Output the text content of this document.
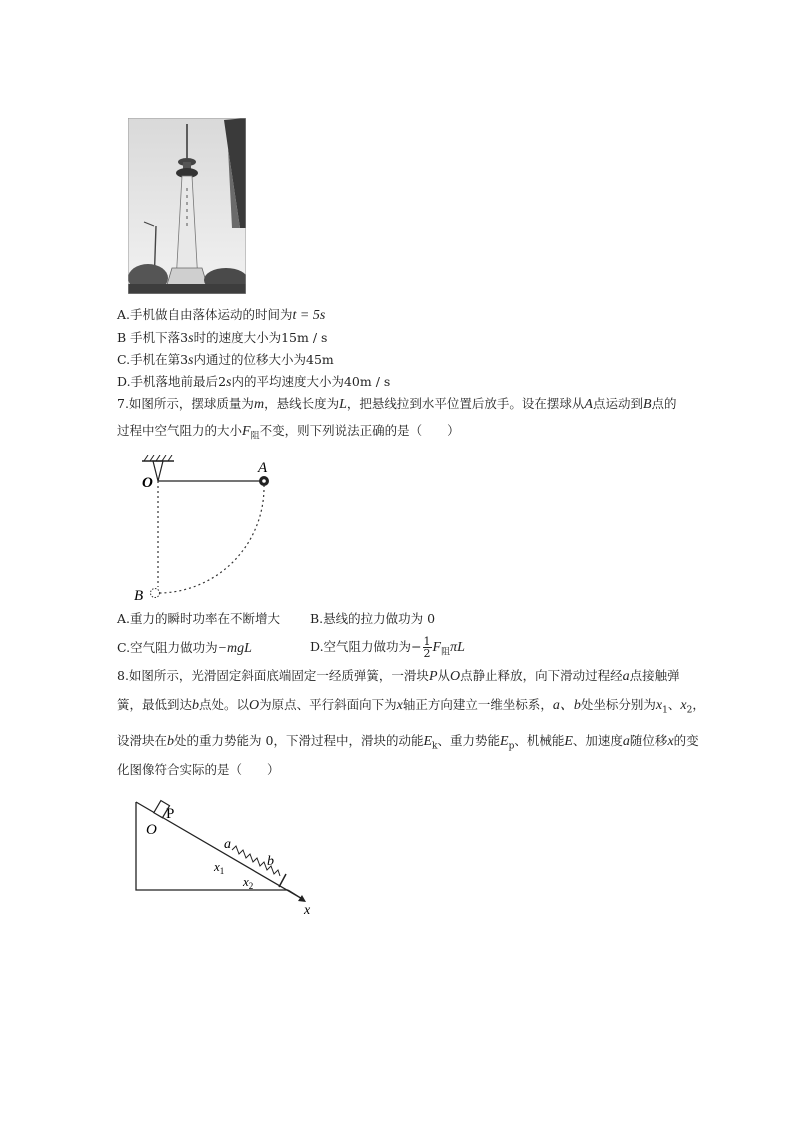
A.手机做自由落体运动的时间为t = 5s
B 手机下落3s时的速度大小为15m / s
C.手机在第3s内通过的位移大小为45m
D.手机落地前最后2s内的平均速度大小为40m / s
7.如图所示，摆球质量为m，悬线长度为L，把悬线拉到水平位置后放手。设在摆球从A点运动到B点的
过程中空气阻力的大小$F_阻$不变，则下列说法正确的是（　　）
O
A
B
A.重力的瞬时功率在不断增大 B.悬线的拉力做功为 0
C.空气阻力做功为−mgL	D.空气阻力做功为− $\frac{1}{2} F_阻\pi L$
8.如图所示，光滑固定斜面底端固定一经质弹簧，一滑块P从O点静止释放，向下滑动过程经a点接触弹
簧，最低到达b点处。以O为原点、平行斜面向下为x轴正方向建立一维坐标系，a、b处坐标分别为$x_1$、$x_2$，
设滑块在b处的重力势能为 0，下滑过程中，滑块的动能$E_k$、重力势能$E_p$、机械能E、加速度a随位移x的变
化图像符合实际的是（　　）
P
O
a
b
$x_1$
$x_2$
x
